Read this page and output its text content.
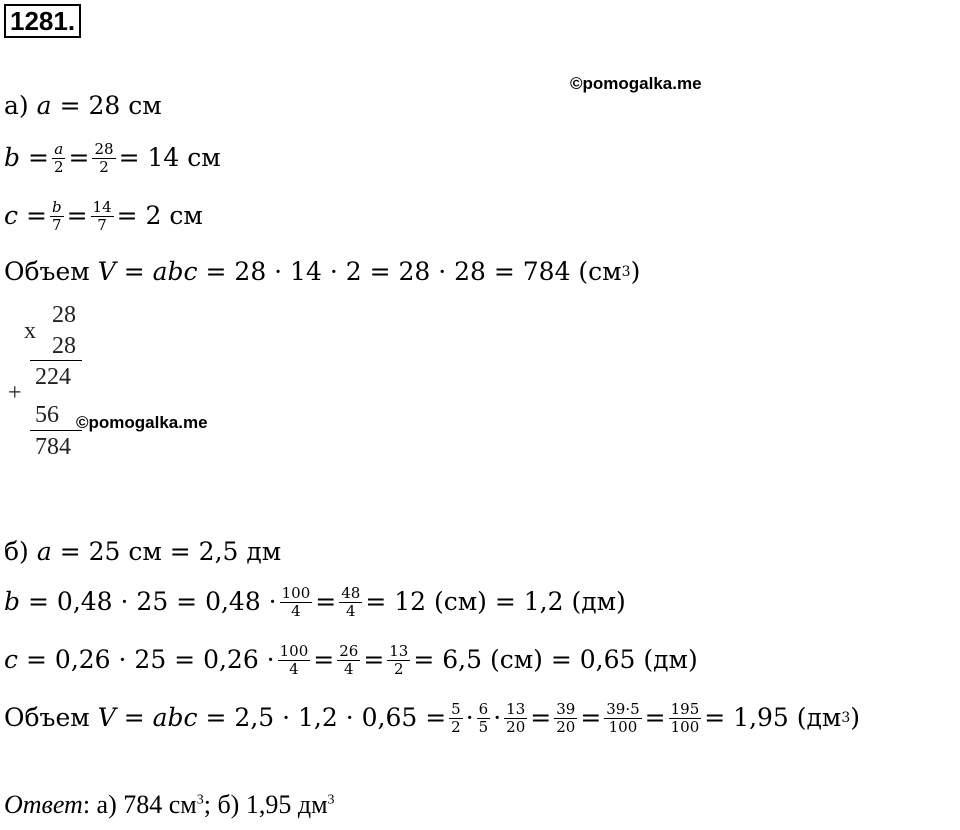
1281.
©pomogalka.me
а) a = 28 см
$b = \frac{a}{2} = \frac{28}{2} = 14$ см
$c = \frac{b}{7} = \frac{14}{7} = 2$ см
Объем V = abc = 28 · 14 · 2 = 28 · 28 = 784 (см 3 )
x
28
28
224
+
56
784
©pomogalka.me
б) a = 25 см = 2,5 дм
$b = 0,48 \cdot 25 = 0,48 \cdot \frac{100}{4} = \frac{48}{4} = 12$ (см) = 1,2 (дм)
$c = 0,26 \cdot 25 = 0,26 \cdot \frac{100}{4} = \frac{26}{4} = \frac{13}{2} = 6,5$ (см) = 0,65 (дм)
Объем V = abc = $2,5 \cdot 1,2 \cdot 0,65 = \frac{5}{2} \cdot \frac{6}{5} \cdot \frac{13}{20} = \frac{39}{20} = \frac{39\cdot 5}{100} = \frac{195}{100} = 1,95$ (дм 3 )
Ответ: а) 784 $см^3$; б) 1,95 $дм^3$
